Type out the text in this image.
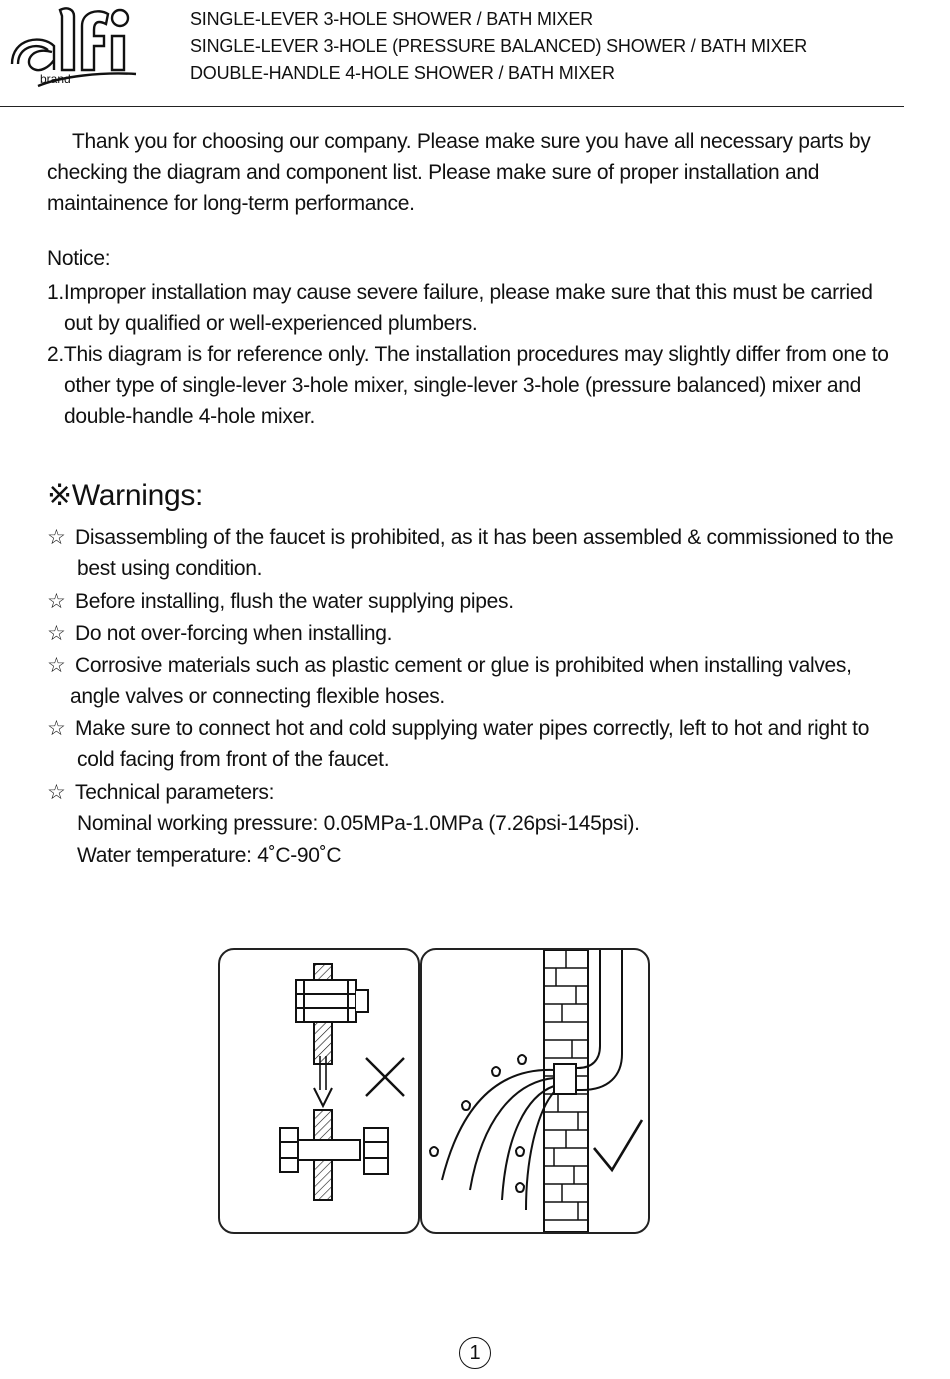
brand
SINGLE-LEVER 3-HOLE SHOWER / BATH MIXER
SINGLE-LEVER 3-HOLE (PRESSURE BALANCED) SHOWER / BATH MIXER
DOUBLE-HANDLE 4-HOLE SHOWER / BATH MIXER
Thank you for choosing our company. Please make sure you have all necessary parts by
checking the diagram and component list. Please make sure of proper installation and
maintainence for long-term performance.
Notice:
1.Improper installation may cause severe failure, please make sure that this must be carried
out by qualified or well-experienced plumbers.
2.This diagram is for reference only. The installation procedures may slightly differ from one to
other type of single-lever 3-hole mixer, single-lever 3-hole (pressure balanced) mixer and
double-handle 4-hole mixer.
※Warnings:
☆ Disassembling of the faucet is prohibited, as it has been assembled & commissioned to the
best using condition.
☆ Before installing, flush the water supplying pipes.
☆ Do not over-forcing when installing.
☆ Corrosive materials such as plastic cement or glue is prohibited when installing valves,
angle valves or connecting flexible hoses.
☆ Make sure to connect hot and cold supplying water pipes correctly, left to hot and right to
cold facing from front of the faucet.
☆ Technical parameters:
Nominal working pressure: 0.05MPa-1.0MPa (7.26psi-145psi).
Water temperature: 4˚C-90˚C
1
